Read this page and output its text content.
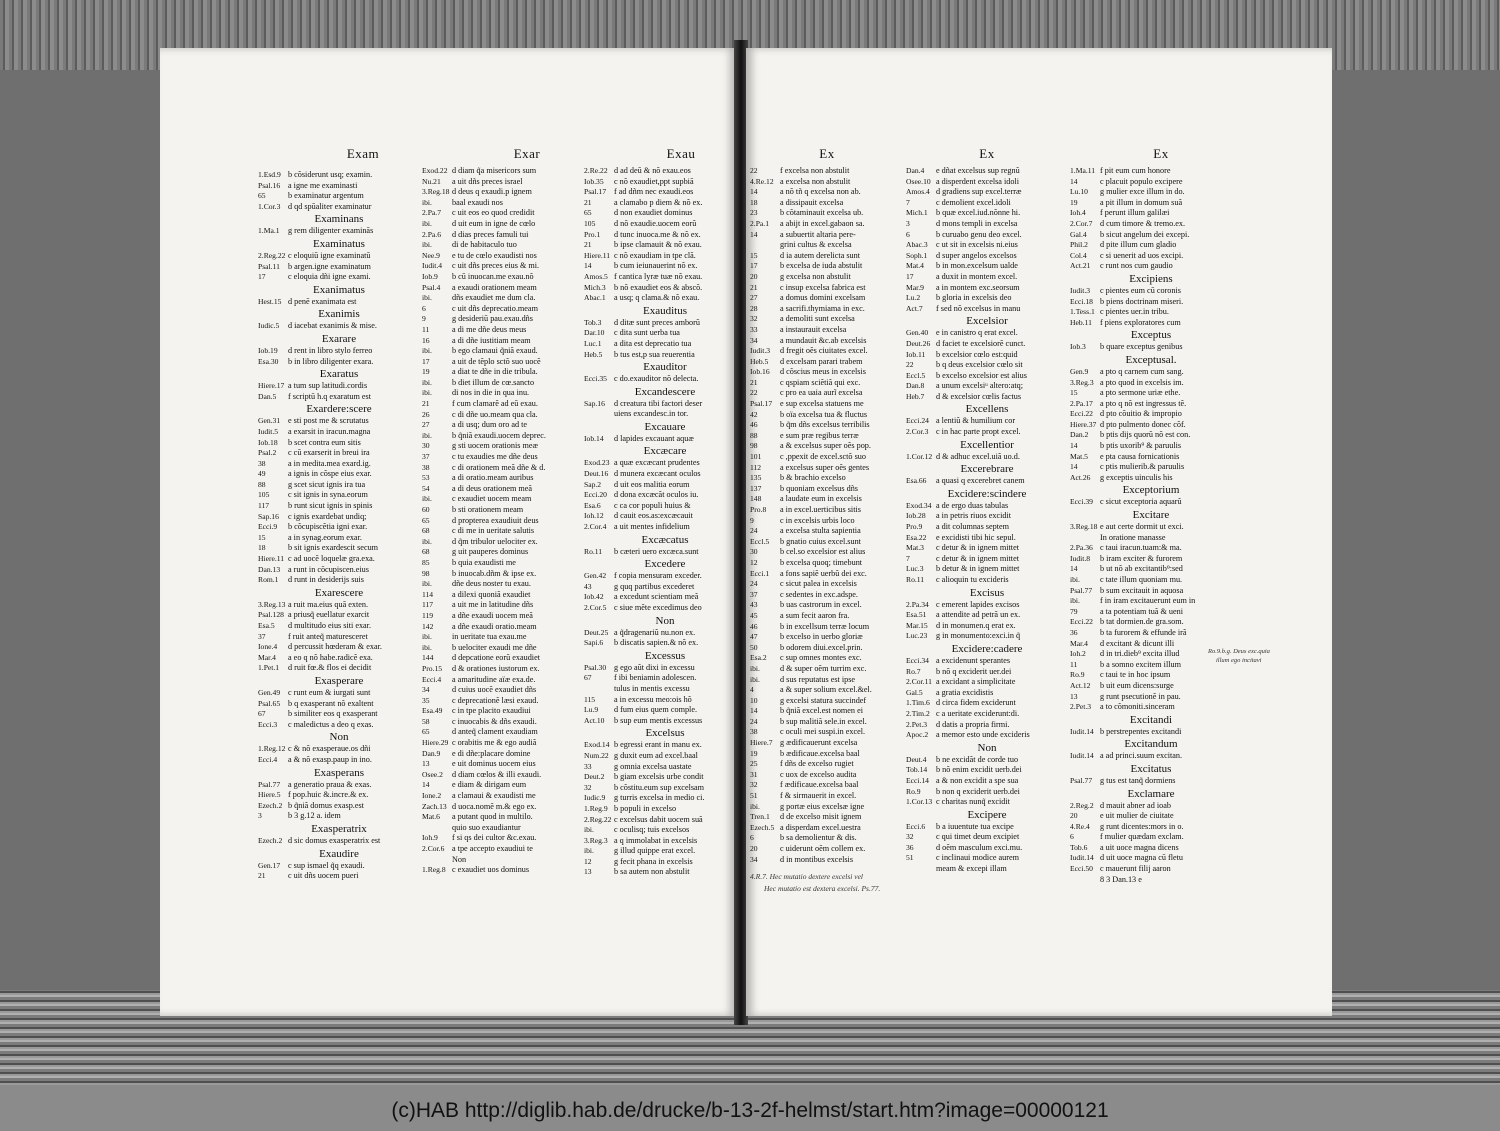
Exam	Exar	Exau
1.Esd.9 b cõsiderunt usq; examin.
Psal.16 a igne me examinasti
65	b examinatur argentum
1.Cor.3 d qd spūaliter examinatur
Examinans
1.Ma.1 g rem diligenter examinās
Examinatus
2.Reg.22 c eloquiū igne examinatū
Psal.11 b argen.igne examinatum
17	c eloquia dñi igne exami.
Exanimatus
Hest.15 d penē exanimata est
Exanimis
Iudic.5 d iacebat exanimis & mise.
Exarare
Iob.19 d rent in libro stylo ferreo
Esa.30 b in libro diligenter exara.
Exaratus
Hiere.17 a tum sup latitudi.cordis
Dan.5 f scriptū h.q exaratum est
Exardere:scere
Gen.31 e sti post me & scrutatus
Iudit.5 a exarsit in iracun.magna
Iob.18 b scet contra eum sitis
Psal.2 c cū exarserit in breui ira
38	a in medita.mea exard.ig.
49	a ignis in cõspe eius exar.
88	g scet sicut ignis ira tua
105 c sit ignis in syna.eorum
117 b runt sicut ignis in spinis
Sap.16 c ignis exardebat undiq;
Ecci.9 b cõcupiscẽtia igni exar.
15	a in synag.eorum exar.
18	b sit ignis exardescit secum
Hiere.11 c ad uocẽ loquelæ gra.exa.
Dan.13 a runt in cõcupiscen.eius
Rom.1 d runt in desiderijs suis
Exarescere
3.Reg.13 a ruit ma.eius quā exten.
Psal.128 a priusq̃ euellatur exarcit
Esa.5 d multitudo eius siti exar.
37	f ruit anteq̃ maturesceret
Ione.4 d percussit hœderam & exar.
Mar.4 a eo q nõ habe.radicẽ exa.
1.Pet.1 d ruit fœ.& flos ei decidit
Exasperare
Gen.49 c runt eum & iurgati sunt
Psal.65 b q exasperant nõ exaltent
67	b similiter eos q exasperant
Ecci.3 c maledictus a deo q exas.
Non
1.Reg.12 c & nõ exasperaue.os dñi
Ecci.4 a & nõ exasp.paup in ino.
Exasperans
Psal.77 a generatio praua & exas.
Hiere.5 f pop.huic &.incre.& ex.
Ezech.2 b q̃niã domus exasp.est
3	b 3 g.12 a. idem
Exasperatrix
Ezech.2 d sic domus exasperatrix est
Exaudire
Gen.17 c sup ismael q̃q exaudi.
21	c uit dñs uocem pueri
Exod.22 d diam q̃a misericors sum
Nu.21 a uit dñs preces israel
3.Reg.18 d deus q exaudi.p ignem
ibi. baal exaudi nos
2.Pa.7 c uit eos eo quod credidit
ibi. d uit eum in igne de cœlo
2.Pa.6 d dias preces famuli tui
ibi. di de habitaculo tuo
Nee.9 e tu de cœlo exaudisti nos
Iudit.4 c uit dñs preces eius & mi.
Iob.9 b cū inuocan.me exau.nõ
Psal.4 a exaudi orationem meam
ibi. dñs exaudiet me dum cla.
6	c uit dñs deprecatio.meam
9	g desideriū pau.exau.dñs
11	a di me dñe deus meus
16	a di dñe iustitiam meam
ibi. b ego clamaui q̃niã exaud.
17	a uit de tẽplo sctõ suo uocẽ
19	a diat te dñe in die tribula.
ibi. b diet illum de cœ.sancto
ibi. di nos in die in qua inu.
21	f cum clamarẽ ad eū exau.
26	c di dñe uo.meam qua cla.
27	a di usq; dum oro ad te
ibi. b q̃niã exaudi.uocem deprec.
30	g sti uocem orationis meæ
37	c tu exaudies me dñe deus
38	c di orationem meã dñe & d.
53	a di oratio.meam auribus
54	a di deus orationem meã
ibi. c exaudiet uocem meam
60	b sti orationem meam
65	d propterea exaudiuit deus
68	c di me in ueritate salutis
ibi. d q̃m tribulor uelociter ex.
68	g uit pauperes dominus
85	b quia exaudisti me
98	b inuocab.dñm & ipse ex.
ibi. dñe deus noster tu exau.
114 a dilexi quoniã exaudiet
117 a uit me in latitudine dñs
119 a dñe exaudi uocem meã
142 a dñe exaudi oratio.meam
ibi. in ueritate tua exau.me
ibi. b uelociter exaudi me dñe
144 d depcatione eorũ exaudiet
Pro.15 d & orationes iustorum ex.
Ecci.4 a amaritudine aïæ exa.de.
34	d cuius uocẽ exaudiet dñs
35	c deprecationẽ læsi exaud.
Esa.49 c in tpe placito exaudiui
58	c inuocabis & dñs exaudi.
65	d anteq̃ clament exaudiam
Hiere.29 c orabitis me & ego audiã
Dan.9 e di dñe:placare domine
13	e uit dominus uocem eius
Osee.2 d diam cœlos & illi exaudi.
14	e diam & dirigam eum
Ione.2 a clamaui & exaudisti me
Zach.13 d uoca.nomẽ m.& ego ex.
Mat.6 a putant quod in multilo.
quio suo exaudiantur
Ioh.9 f si qs dei cultor &c.exau.
2.Cor.6 a tpe accepto exaudiui te
Non
1.Reg.8 c exaudiet uos dominus
2.Re.22 d ad deū & nõ exau.eos
Iob.35 c nõ exaudiet,ppt supbiā
Psal.17 f ad dñm nec exaudi.eos
21	a clamabo p diem & nõ ex.
65	d non exaudiet dominus
105 d nõ exaudie.uocem eorũ
Pro.1 d tunc inuoca.me & nõ ex.
21	b ipse clamauit & nõ exau.
Hiere.11 c nõ exaudiam in tpe clã.
14	b cum ieiunauerint nõ ex.
Amos.5 f cantica lyræ tuæ nõ exau.
Mich.3 b nõ exaudiet eos & abscõ.
Abac.1 a usq; q clama.& nõ exau.
Exauditus
Tob.3 d ditæ sunt preces amborũ
Dar.10 c dita sunt uerba tua
Luc.1 a dita est deprecatio tua
Heb.5 b tus est,p sua reuerentia
Exauditor
Ecci.35 c do.exauditor nõ delecta.
Excandescere
Sap.16 d creatura tibi factori deser
uiens excandesc.in tor.
Excauare
Iob.14 d lapides excauant aquæ
Excæcare
Exod.23 a quæ excæcant prudentes
Deut.16 d munera excæcant oculos
Sap.2 d uit eos malitia eorum
Ecci.20 d dona excæcãt oculos iu.
Esa.6 c ca cor populi huius &
Ioh.12 d cauit eos.as:excæcauit
2.Cor.4 a uit mentes infidelium
Excæcatus
Ro.11 b cæteri uero excæca.sunt
Excedere
Gen.42 f copia mensuram exceder.
43	g quq partibus excederet
Iob.42 a excedunt scientiam meã
2.Cor.5 c siue mẽte excedimus deo
Non
Deut.25 a q̃dragenariũ nu.non ex.
Sapi.6 b discatis sapien.& nõ ex.
Excessus
Psal.30 g ego aũt dixi in excessu
67	f ibi beniamin adolescen.
tulus in mentis excessu
115 a in excessu meo:ois hõ
Lu.9 d fum eius quem comple.
Act.10 b sup eum mentis excessus
Excelsus
Exod.14 b egressi erant in manu ex.
Num.22 g duxit eum ad excel.baal
33	g omnia excelsa uastate
Deut.2 b giam excelsis urbe condit
32	b cõstitu.eum sup excelsam
Iudic.9 g turris excelsa in medio ci.
1.Reg.9 b populi in excelso
2.Reg.22 c excelsus dabit uocem suã
ibi. c oculisq; tuis excelsos
3.Reg.3 a q immolabat in excelsis
ibi. g illud quippe erat excel.
12	g fecit phana in excelsis
13	b sa autem non abstulit
Ex	Ex	Ex
22	f excelsa non abstulit
4.Re.12 a excelsa non abstulit
14	a nõ tñ q excelsa non ab.
18	a dissipauit excelsa
23	b cõtaminauit excelsa ub.
2.Pa.1 a abijt in excel.gabaon sa.
14	a subuertit altaria pere-
grini cultus & excelsa
15	d ia autem derelicta sunt
17	b excelsa de iuda abstulit
20	g excelsa non abstulit
21	c insup excelsa fabrica est
27	a domus domini excelsam
28	a sacrifi.thymiama in exc.
32	a demoliti sunt excelsa
33	a instaurauit excelsa
34	a mundauit &c.ab excelsis
Iudit.3 d fregit oẽs ciuitates excel.
Heb.5 d excelsam parari trabem
Iob.16 d cõscius meus in excelsis
21	c qspiam sciẽtiã qui exc.
22	c pro ea uaia aurĩ excelsa
Psal.17 e sup excelsa statuens me
42	b oïa excelsa tua & fluctus
46	b q̃m dñs excelsus terribilis
88	e sum præ regibus terræ
98	a & excelsus super oẽs pop.
101 c ,ppexit de excel.sctõ suo
112 a excelsus super oẽs gentes
135 b & brachio excelso
137 b quoniam excelsus dñs
148 a laudate eum in excelsis
Pro.8 a in excel.uerticibus sitis
9	c in excelsis urbis loco
24	a excelsa stulta sapientia
Eccl.5 b gnatio cuius excel.sunt
30	b cel.so excelsior est alius
12	b excelsa quoq; timebunt
Ecci.1 a fons sapiẽ uerbũ dei exc.
24	c sicut palea in excelsis
37	c sedentes in exc.adspe.
43	b uas castrorum in excel.
45	a sum fecit aaron fra.
46	b in excellsum terræ locum
47	b excelso in uerbo gloriæ
50	b odorem diui.excel.prin.
Esa.2 c sup omnes montes exc.
ibi. d & super oẽm turrim exc.
ibi. d sus reputatus est ipse
4	a & super solium excel.&el.
10	g excelsi statura succindef
14	b q̃niã excel.est nomen ei
24	b sup malitiã sele.in excel.
38	c oculi mei suspi.in excel.
Hiere.7 g ædificauerunt excelsa
19	b ædificaue.excelsa baal
25	f dñs de excelso rugiet
31	c uox de excelso audita
32	f ædificaue.excelsa baal
51	f & sirmauerit in excel.
ibi. g portæ eius excelsæ igne
Tren.1 d de excelso misit ignem
Ezech.5 a disperdam excel.uestra
6	b sa demolientur & dis.
20	c uiderunt oẽm collem ex.
34	d in montibus excelsis
Dan.4 e dñat excelsus sup regnũ
Osee.10 a disperdent excelsa idoli
Amos.4 d gradiens sup excel.terræ
7	c demolient excel.idoli
Mich.1 b quæ excel.iud.nõnne hi.
3	d mons templi in excelsa
6	b curuabo genu deo excel.
Abac.3 c ut sit in excelsis ni.eius
Soph.1 d super angelos excelsos
Mat.4 b in mon.excelsum ualde
17	a duxit in montem excel.
Mar.9 a in montem exc.seorsum
Lu.2 b gloria in excelsis deo
Act.7 f sed nõ excelsus in manu
Excelsior
Gen.40 e in canistro q erat excel.
Deut.26 d faciet te excelsiorẽ cunct.
Iob.11 b excelsior cœlo est:quid
22	b q deus excelsior cœlo sit
Eccl.5 b excelso excelsior est alius
Dan.8 a unum excelsiᵘ altero:atq;
Heb.7 d & excelsior cœlis factus
Excellens
Ecci.24 a lentiũ & humilium cor
2.Cor.3 c in hac parte propt excel.
Excellentior
1.Cor.12 d & adhuc excel.uiã uo.d.
Excerebrare
Esa.66 a quasi q excerebret canem
Excidere:scindere
Exod.34 a de ergo duas tabulas
Iob.28 a in petris riuos excidit
Pro.9 a dit columnas septem
Esa.22 e excidisti tibi hic sepul.
Mat.3 c detur & in ignem mittet
7	c detur & in ignem mittet
Luc.3 b detur & in ignem mittet
Ro.11 c alioquin tu excideris
Excisus
2.Pa.34 c emerent lapides excisos
Esa.51 a attendite ad petrã un ex.
Mar.15 d in monumen.q erat ex.
Luc.23 g in monumento:exci.in q̃
Excidere:cadere
Ecci.34 a excidenunt sperantes
Ro.7 b nõ q exciderit uer.dei
2.Cor.11 a excidant a simplicitate
Gal.5 a gratia excidistis
1.Tim.6 d circa fidem exciderunt
2.Tim.2 c a ueritate exciderunt:di.
2.Pet.3 d datis a propria firmi.
Apoc.2 a memor esto unde excideris
Non
Deut.4 b ne excidãt de corde tuo
Tob.14 b nõ enim excidit uerb.dei
Ecci.14 a & non excidit a spe sua
Ro.9 b non q exciderit uerb.dei
1.Cor.13 c charitas nunq̃ excidit
Excipere
Ecci.6 b a iuuentute tua excipe
32	c qui timet deum excipiet
36	d oẽm masculum exci.mu.
51	c inclinaui modice aurem
meam & excepi illam
1.Ma.11 f pit eum cum honore
14	c placuit populo excipere
Lu.10 g mulier exce illum in do.
19	a pit illum in domum suã
Ioh.4 f perunt illum galilæi
2.Cor.7 d cum timore & tremo.ex.
Gal.4 b sicut angelum dei excepi.
Phil.2 d pite illum cum gladio
Col.4 c si uenerit ad uos excipi.
Act.21 c runt nos cum gaudio
Excipiens
Iudit.3 c pientes eum cū coronis
Ecci.18 b piens doctrinam miseri.
1.Tess.1 c pientes uer.in tribu.
Heb.11 f piens exploratores cum
Exceptus
Iob.3 b quare exceptus genibus
Exceptusal.
Gen.9 a pto q carnem cum sang.
3.Reg.3 a pto quod in excelsis im.
15	a pto sermone uriæ ethe.
2.Pa.17 a pto q nõ est ingressus tẽ.
Ecci.22 d pto cõuitio & impropio
Hiere.37 d pto pulmento donec cõf.
Dan.2 b ptis dijs quorũ nõ est con.
14	b ptis uxorib⁹ & paruulis
Mat.5 e pta causa fornicationis
14	c ptis mulierib.& paruulis
Act.26 g exceptis uinculis his
Exceptorium
Ecci.39 c sicut exceptoria aquarũ
Excitare
3.Reg.18 e aut certe dormit ut exci.
In oratione manasse
2.Pa.36 c taui iracun.tuam:& ma.
Iudit.8 b iram exciter & furorem
14	b ut nõ ab excitantib⁹:sed
ibi. c tate illum quoniam mu.
Psal.77 b sum excitauit in aquosa
ibi. f in iram excitauerunt eum in
79	a ta potentiam tuã & ueni
Ecci.22 b tat dormien.de gra.som.
36	b ta furorem & effunde irã
Mar.4 d excitant & dicunt illi
Ioh.2 d in tri.dieb⁹ excita illud
11	b a somno excitem illum
Ro.9 c taui te in hoc ipsum
Act.12 b uit eum dicens:surge
13	g runt psecutionẽ in pau.
2.Pet.3 a to cõmoniti.sinceram
Excitandi
Iudit.14 b perstrepentes excitandi
Excitandum
Iudit.14 a ad princi.suum excitan.
Excitatus
Psal.77 g tus est tanq̃ dormiens
Exclamare
2.Reg.2 d mauit abner ad ioab
20	e uit mulier de ciuitate
4.Re.4 g runt dicentes:mors in o.
6	f mulier quædam exclam.
Tob.6 a uit uoce magna dicens
Iudit.14 d uit uoce magna cū fletu
Ecci.50 c mauerunt filij aaron
8 3 Dan.13 e
4.R.7. Hec mutatio dextere excelsi vel
Hec mutatio est dextera excelsi. Ps.77.
Ro.9.b.g. Deus exc.quia
illum ego incitavi
(c)HAB http://diglib.hab.de/drucke/b-13-2f-helmst/start.htm?image=00000121
